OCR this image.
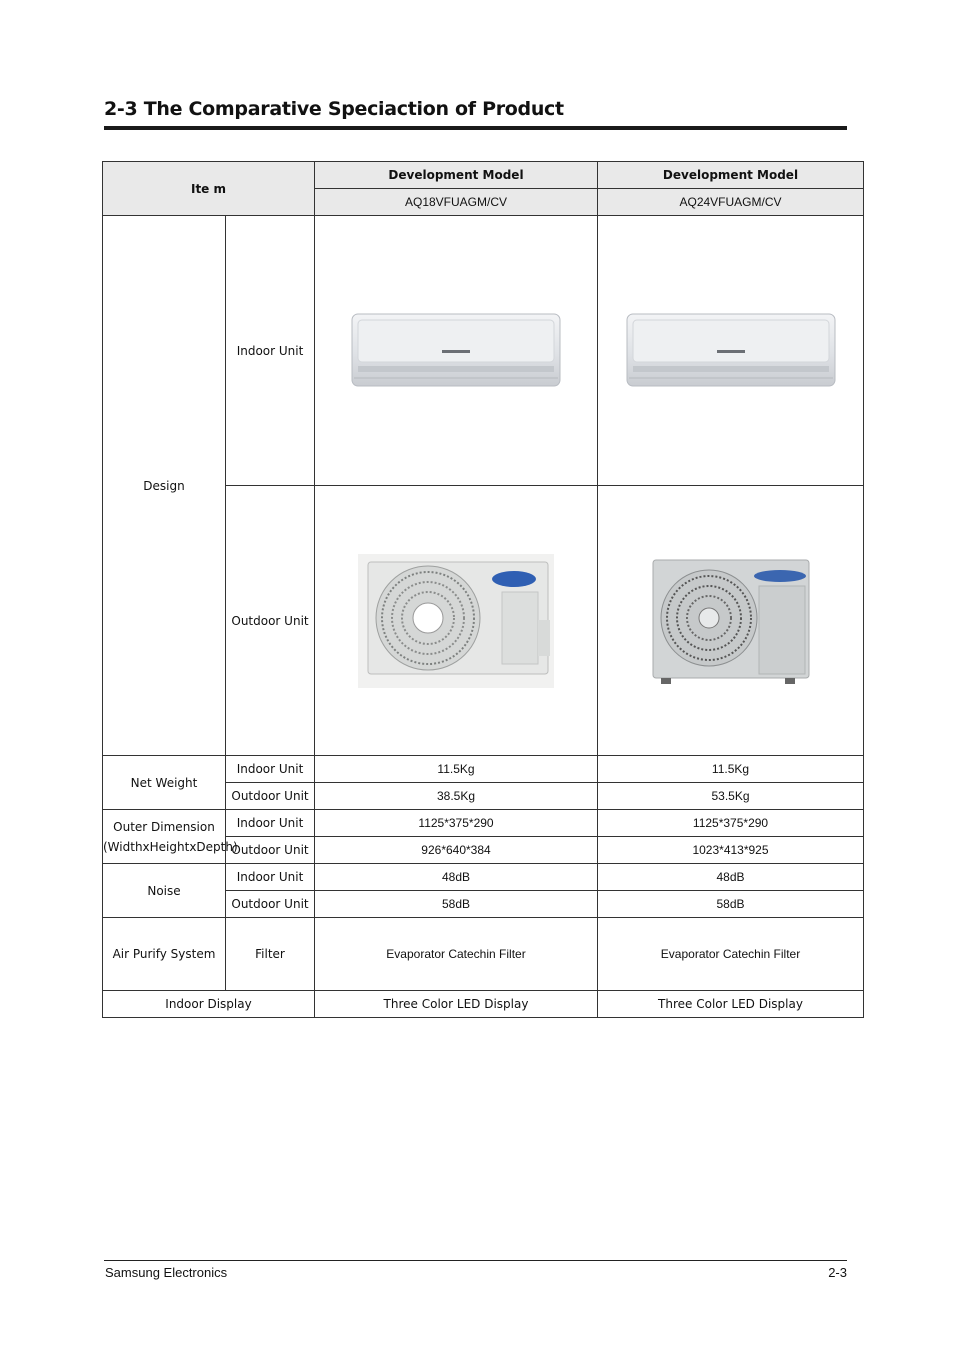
2-3 The Comparative Speciaction of Product
Ite m		Development Model	Development Model
		AQ18VFUAGM/CV	AQ24VFUAGM/CV
Design	Indoor Unit	

	Outdoor Unit	

Net Weight	Indoor Unit	11.5Kg	11.5Kg
	Outdoor Unit	38.5Kg	53.5Kg

Outer Dimension
(WidthxHeightxDepth)	Indoor Unit	1125*375*290	1125*375*290
	Outdoor Unit	926*640*384	1023*413*925
Noise	Indoor Unit	48dB	48dB
	Outdoor Unit	58dB	58dB
Air Purify System	Filter	Evaporator Catechin Filter	Evaporator Catechin Filter
Indoor Display		Three Color LED Display	Three Color LED Display
Samsung Electronics	2-3
